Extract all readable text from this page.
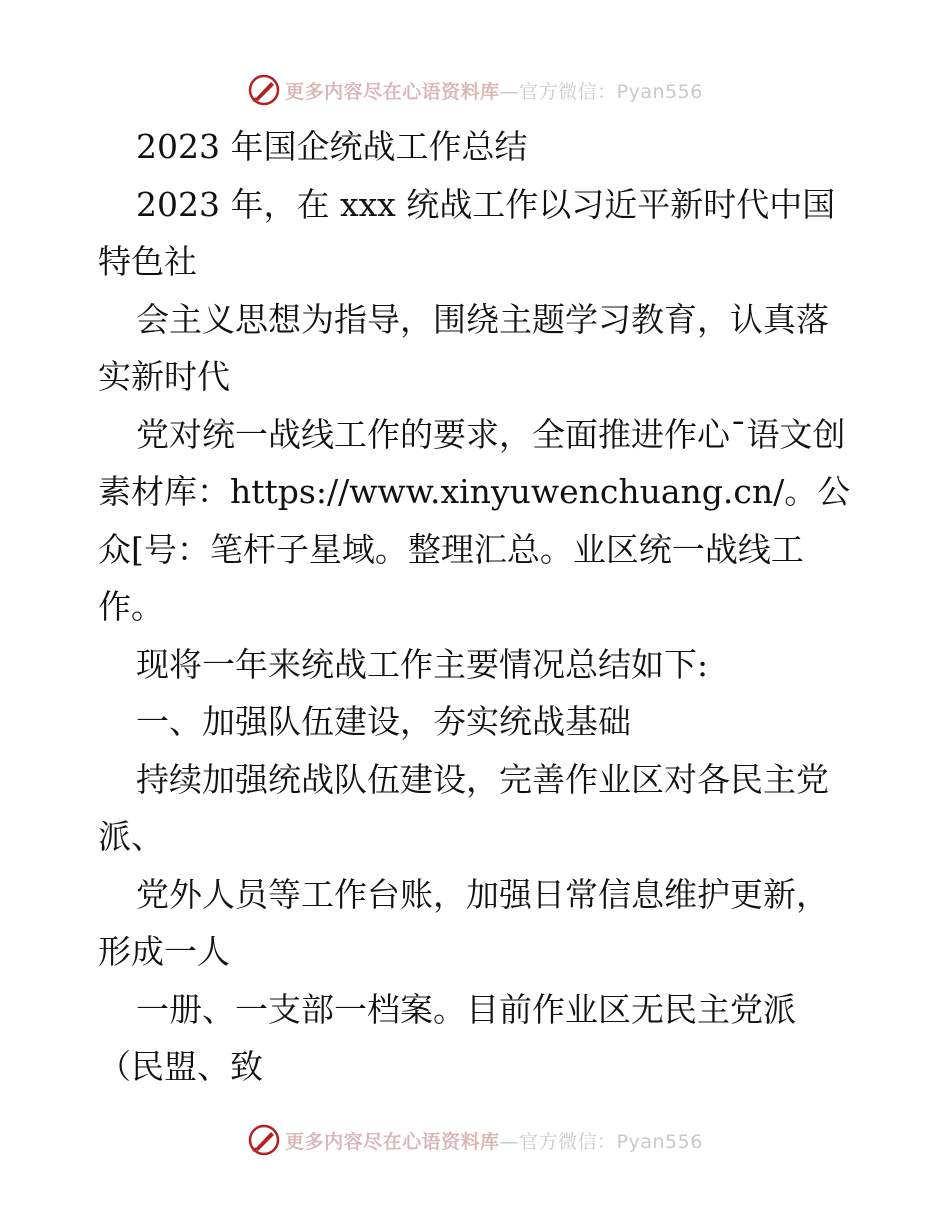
更多内容尽在心语资料库—官方微信：Pyan556

2023 年国企统战工作总结

2023 年，在 xxx 统战工作以习近平新时代中国特色社

会主义思想为指导，围绕主题学习教育，认真落实新时代

党对统一战线工作的要求，全面推进作心¯语文创素材库：https://www.xinyuwenchuang.cn/。公众[号：笔杆子星域。整理汇总。业区统一战线工作。

现将一年来统战工作主要情况总结如下:

一、加强队伍建设，夯实统战基础

持续加强统战队伍建设，完善作业区对各民主党派、

党外人员等工作台账，加强日常信息维护更新，形成一人

一册、一支部一档案。目前作业区无民主党派（民盟、致

更多内容尽在心语资料库—官方微信：Pyan556
